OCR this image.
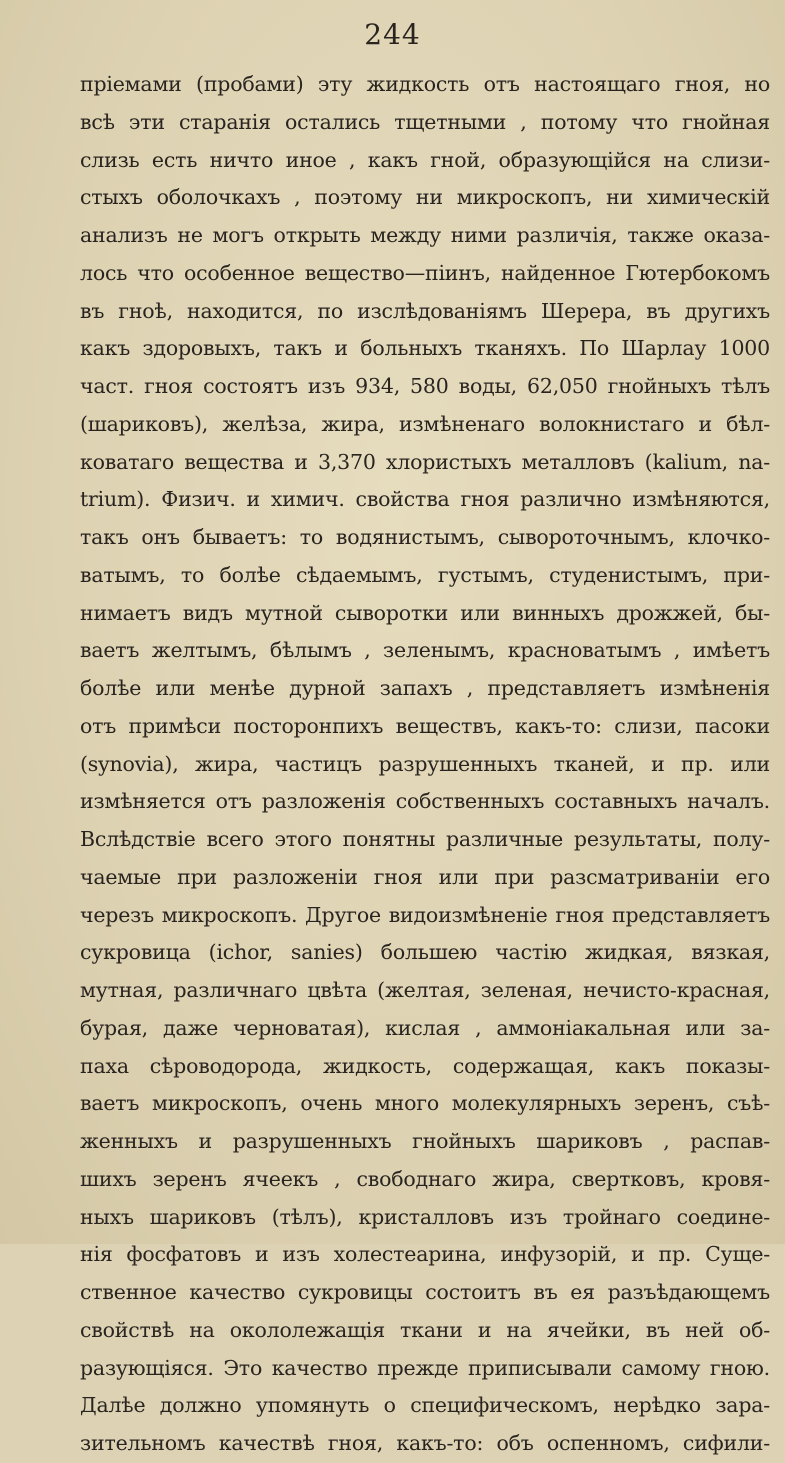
244
пріемами (пробами) эту жидкость отъ настоящаго гноя, но
всѣ эти старанія остались тщетными , потому что гнойная
слизь есть ничто иное , какъ гной, образующійся на слизи-
стыхъ оболочкахъ , поэтому ни микроскопъ, ни химическій
анализъ не могъ открыть между ними различія, также оказа-
лось что особенное вещество—піинъ, найденное Гютербокомъ
въ гноѣ, находится, по изслѣдованіямъ Шерера, въ другихъ
какъ здоровыхъ, такъ и больныхъ тканяхъ. По Шарлау 1000
част. гноя состоятъ изъ 934, 580 воды, 62,050 гнойныхъ тѣлъ
(шариковъ), желѣза, жира, измѣненаго волокнистаго и бѣл-
коватаго вещества и 3,370 хлористыхъ металловъ (kalium, na-
trium). Физич. и химич. свойства гноя различно измѣняются,
такъ онъ бываетъ: то водянистымъ, сывороточнымъ, клочко-
ватымъ, то болѣе сѣдаемымъ, густымъ, студенистымъ, при-
нимаетъ видъ мутной сыворотки или винныхъ дрожжей, бы-
ваетъ желтымъ, бѣлымъ , зеленымъ, красноватымъ , имѣетъ
болѣе или менѣе дурной запахъ , представляетъ измѣненія
отъ примѣси посторонпихъ веществъ, какъ-то: слизи, пасоки
(synovia), жира, частицъ разрушенныхъ тканей, и пр. или
измѣняется отъ разложенія собственныхъ составныхъ началъ.
Вслѣдствіе всего этого понятны различные результаты, полу-
чаемые при разложеніи гноя или при разсматриваніи его
черезъ микроскопъ. Другое видоизмѣненіе гноя представляетъ
сукровица (ichor, sanies) большею частію жидкая, вязкая,
мутная, различнаго цвѣта (желтая, зеленая, нечисто-красная,
бурая, даже черноватая), кислая , аммоніакальная или за-
паха сѣроводорода, жидкость, содержащая, какъ показы-
ваетъ микроскопъ, очень много молекулярныхъ зеренъ, съѣ-
женныхъ и разрушенныхъ гнойныхъ шариковъ , распав-
шихъ зеренъ ячеекъ , свободнаго жира, свертковъ, кровя-
ныхъ шариковъ (тѣлъ), кристалловъ изъ тройнаго соедине-
нія фосфатовъ и изъ холестеарина, инфузорій, и пр. Суще-
ственное качество сукровицы состоитъ въ ея разъѣдающемъ
свойствѣ на окололежащія ткани и на ячейки, въ ней об-
разующіяся. Это качество прежде приписывали самому гною.
Далѣе должно упомянуть о специфическомъ, нерѣдко зара-
зительномъ качествѣ гноя, какъ-то: объ оспенномъ, сифили-
